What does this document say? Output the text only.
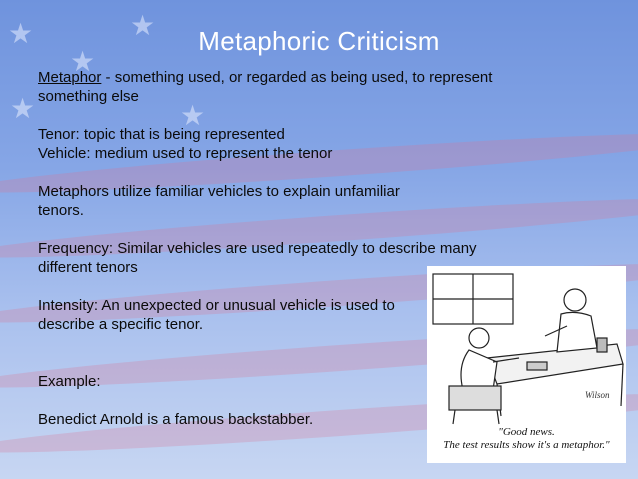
★
★
★
★
★
Metaphoric Criticism

Metaphor - something used, or regarded as being used, to represent something else

Tenor: topic that is being represented

Vehicle: medium used to represent the tenor

Metaphors utilize familiar vehicles to explain unfamiliar
tenors.

Frequency: Similar vehicles are used repeatedly to describe many
different tenors

Intensity: An unexpected or unusual vehicle is used to
describe a specific tenor.

Example:

Benedict Arnold is a famous backstabber.

Wilson
"Good news.
The test results show it's a metaphor."
